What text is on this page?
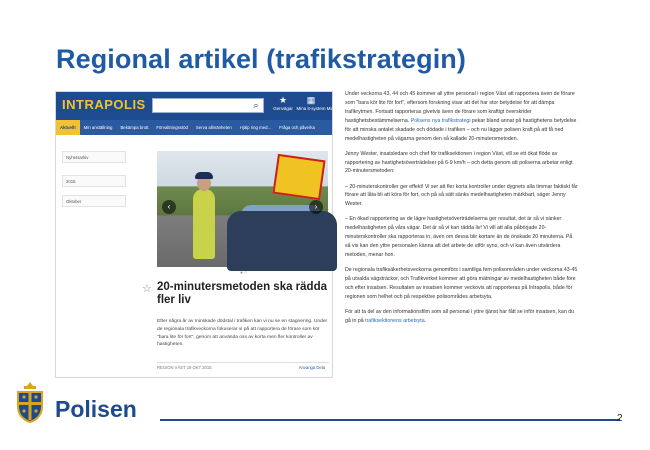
Regional artikel (trafikstrategin)
INTRAPOLIS	⌕	★
Genvägar
▦
Mina it-system
●
Mina sidor
Aktuellt	Min anställning	Bekämpa brott	Förvaltningsstöd	Serva allmänheten	Hjälp ring med...	Fråga och påverka
Nyhetsarkiv
2015
Oktober
‹	›
●○
☆ 20-minutersmetoden ska rädda fler liv

Efter några år av minskade dödstal i trafiken kan vi nu se en stagnering. Under de regionala trafikveckorna fokuserar vi på att rapportera de förare som kör "bara lite för fort", genom att använda oss av korta men fler kontroller av hastigheten.

REGION VÄST 19 OKT 2015	Anvanga Dela

Under veckorna 43, 44 och 45 kommer all yttre personal i region Väst att rapportera även de förare som "bara kör lite för fort", eftersom forskning visar att det har stor betydelse för att dämpa trafikrytmen. Fortsatt rapporteras givetvis även de förare som kraftigt överskrider hastighetsbestämmelserna. Polisens nya trafikstrategi pekar bland annat på hastighetens betydelse för att minska antalet skadade och dödade i trafiken – och nu lägger polisen kraft på att få ned medelhastigheten på vägarna genom den så kallade 20-minutersmetoden.

Jenny Wester, insatsledare och chef för trafiksektionen i region Väst, vill se ett ökat flöde av rapportering av hastighetsöverträdelser på 6-9 km/h – och detta genom att poliserna arbetar enligt 20-minutersmetoden:

– 20-minuterskontroller ger effekt! Vi ser att fler korta kontroller under dygnets alla timmar faktiskt får förare att låta bli att köra för fort, och på så sätt sänks medelhastigheten märkbart, säger Jenny Wester.

– En ökad rapportering av de lägre hastighetsöverträdelserna ger resultat, det är så vi sänker medelhastigheten på våra vägar. Det är så vi kan rädda liv! Vi vill att alla påbörjade 20-minuterskontroller ska rapporteras in, även om dessa blir kortare än de önskade 20 minuterna. På så vis kan den yttre personalen känna att det arbete de utför syns, och vi kan även utvärdera metoden, menar hon.

De regionala trafiksäkerhetsveckorna genomförs i samtliga fem polisområden under veckorna 43-45 på utvalda vägsträckor, och Trafikverket kommer att göra mätningar av medelhastigheten både före och efter insatsen. Resultaten av insatsen kommer veckovis att rapporteras på Intrapolis, både för regionen som helhet och på respektive polisområdes arbetsyta.

För att ta del av den informationsfilm som all personal i yttre tjänst har fått se inför insatsen, kan du gå in på trafiksektionens arbetsyta.

Polisen	2
